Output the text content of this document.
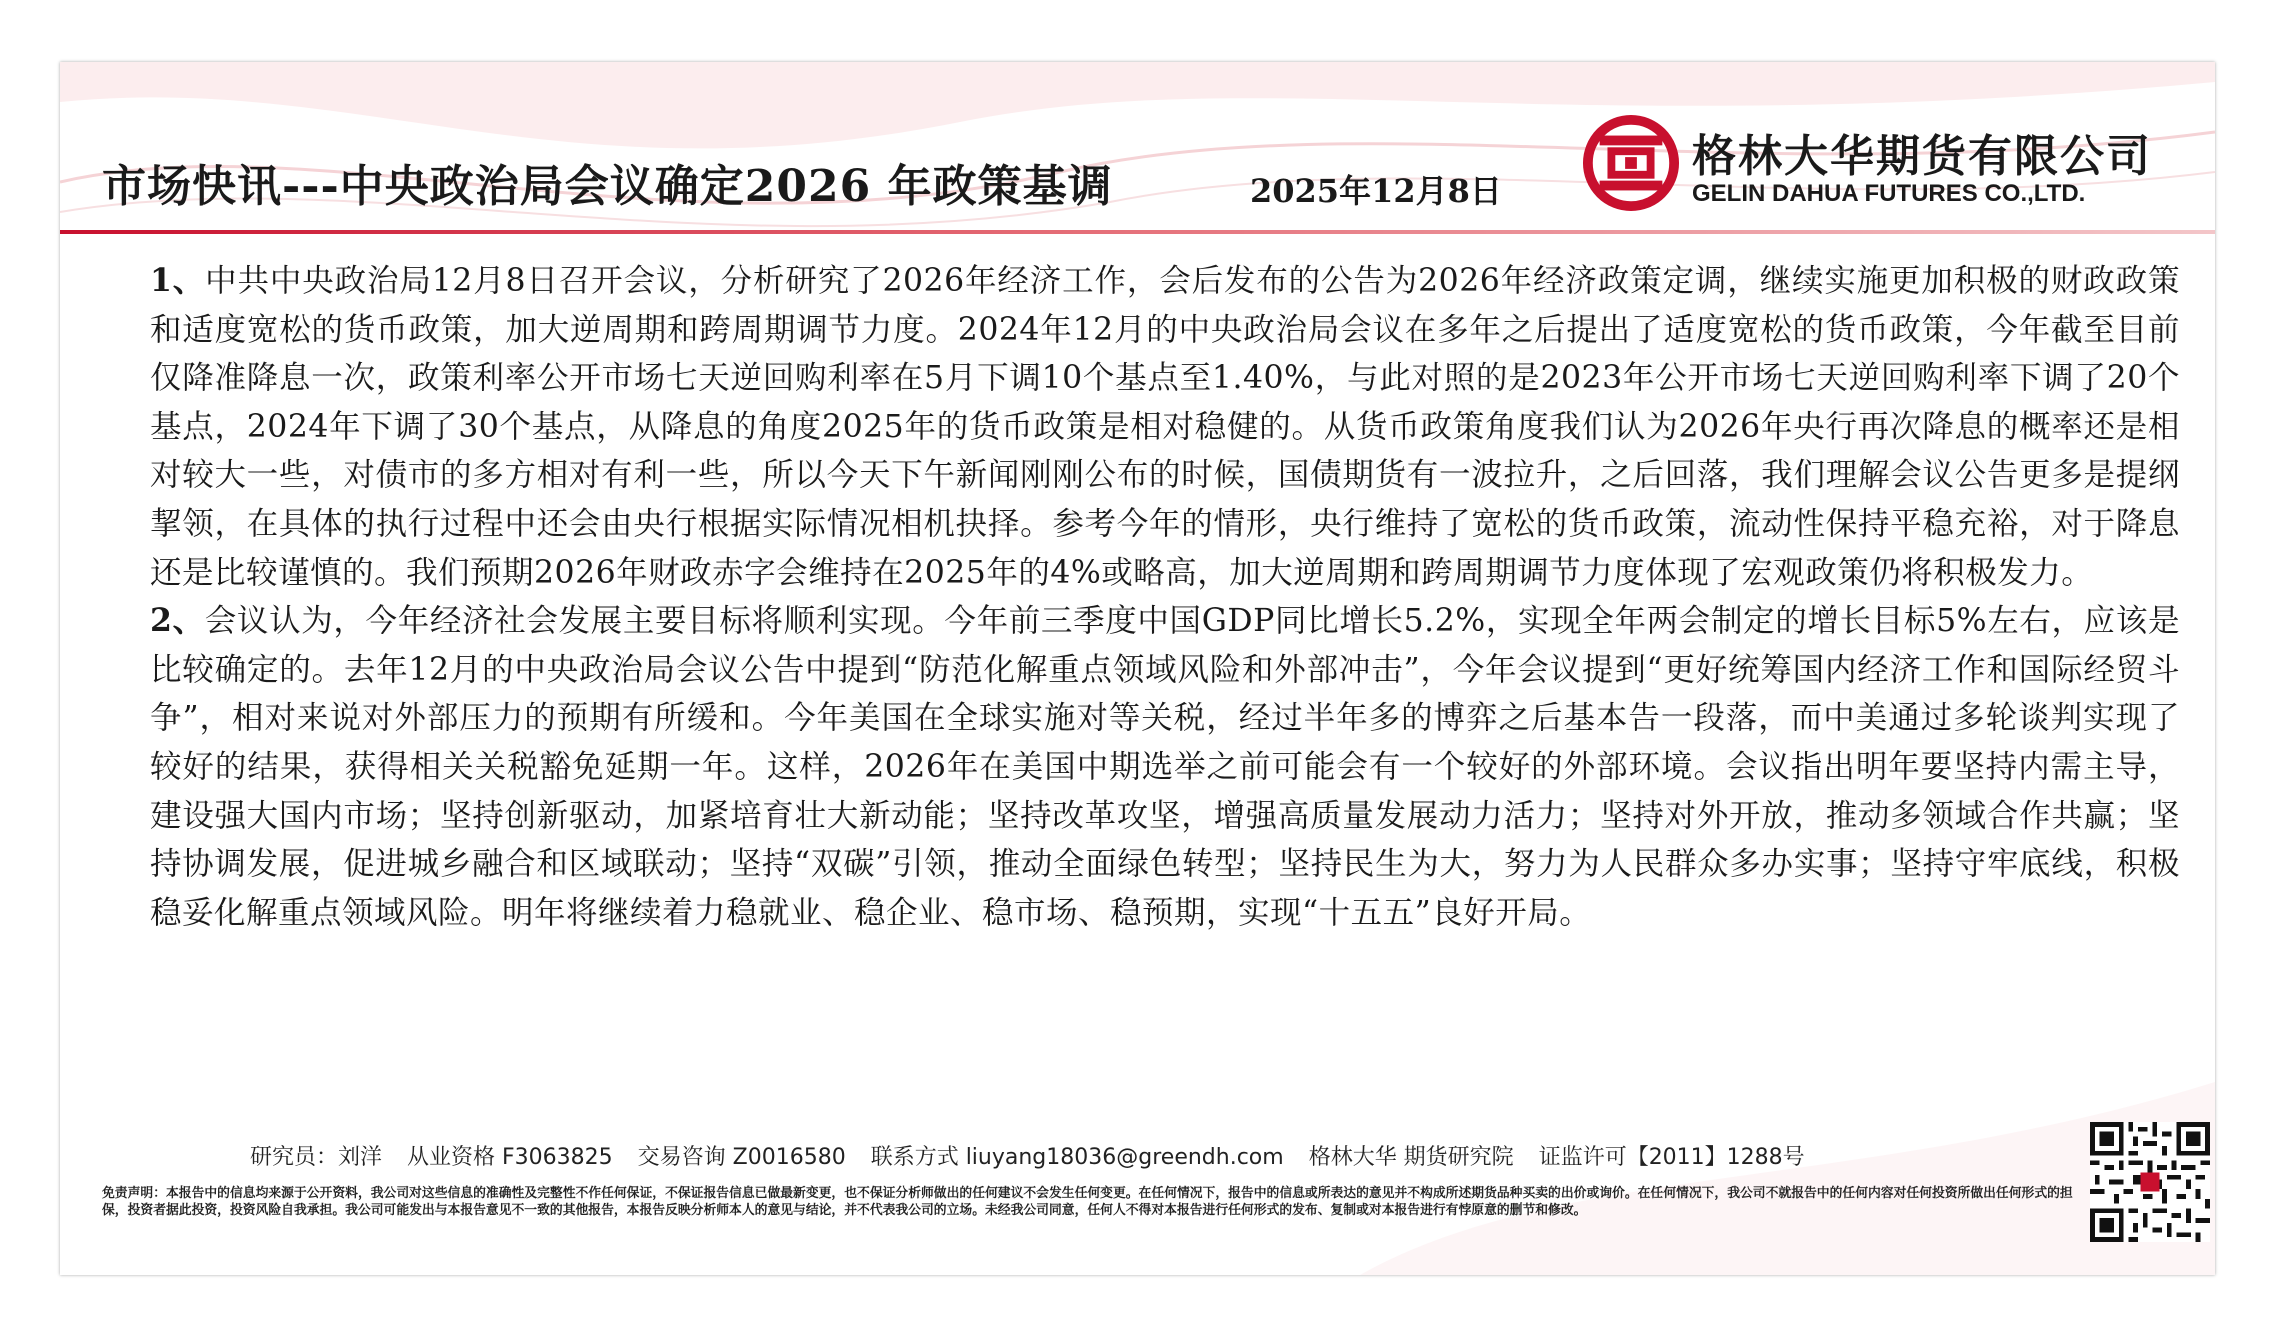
市场快讯---中央政治局会议确定2026 年政策基调	2025年12月8日
格林大华期货有限公司
GELIN DAHUA FUTURES CO.,LTD.

1、中共中央政治局12月8日召开会议，分析研究了2026年经济工作，会后发布的公告为2026年经济政策定调，继续实施更加积极的财政政策和适度宽松的货币政策，加大逆周期和跨周期调节力度。2024年12月的中央政治局会议在多年之后提出了适度宽松的货币政策，今年截至目前仅降准降息一次，政策利率公开市场七天逆回购利率在5月下调10个基点至1.40%，与此对照的是2023年公开市场七天逆回购利率下调了20个基点，2024年下调了30个基点，从降息的角度2025年的货币政策是相对稳健的。从货币政策角度我们认为2026年央行再次降息的概率还是相对较大一些，对债市的多方相对有利一些，所以今天下午新闻刚刚公布的时候，国债期货有一波拉升，之后回落，我们理解会议公告更多是提纲挈领，在具体的执行过程中还会由央行根据实际情况相机抉择。参考今年的情形，央行维持了宽松的货币政策，流动性保持平稳充裕，对于降息还是比较谨慎的。我们预期2026年财政赤字会维持在2025年的4%或略高，加大逆周期和跨周期调节力度体现了宏观政策仍将积极发力。

2、会议认为，今年经济社会发展主要目标将顺利实现。今年前三季度中国GDP同比增长5.2%，实现全年两会制定的增长目标5%左右，应该是比较确定的。去年12月的中央政治局会议公告中提到“防范化解重点领域风险和外部冲击”，今年会议提到“更好统筹国内经济工作和国际经贸斗争”，相对来说对外部压力的预期有所缓和。今年美国在全球实施对等关税，经过半年多的博弈之后基本告一段落，而中美通过多轮谈判实现了较好的结果，获得相关关税豁免延期一年。这样，2026年在美国中期选举之前可能会有一个较好的外部环境。会议指出明年要坚持内需主导，建设强大国内市场；坚持创新驱动，加紧培育壮大新动能；坚持改革攻坚，增强高质量发展动力活力；坚持对外开放，推动多领域合作共赢；坚持协调发展，促进城乡融合和区域联动；坚持“双碳”引领，推动全面绿色转型；坚持民生为大，努力为人民群众多办实事；坚持守牢底线，积极稳妥化解重点领域风险。明年将继续着力稳就业、稳企业、稳市场、稳预期，实现“十五五”良好开局。

研究员：刘洋 从业资格 F3063825 交易咨询 Z0016580 联系方式 liuyang18036@greendh.com 格林大华 期货研究院 证监许可【2011】1288号
免责声明：本报告中的信息均来源于公开资料，我公司对这些信息的准确性及完整性不作任何保证，不保证报告信息已做最新变更，也不保证分析师做出的任何建议不会发生任何变更。在任何情况下，报告中的信息或所表达的意见并不构成所述期货品种买卖的出价或询价。在任何情况下，我公司不就报告中的任何内容对任何投资所做出任何形式的担保，投资者据此投资，投资风险自我承担。我公司可能发出与本报告意见不一致的其他报告，本报告反映分析师本人的意见与结论，并不代表我公司的立场。未经我公司同意，任何人不得对本报告进行任何形式的发布、复制或对本报告进行有悖原意的删节和修改。
